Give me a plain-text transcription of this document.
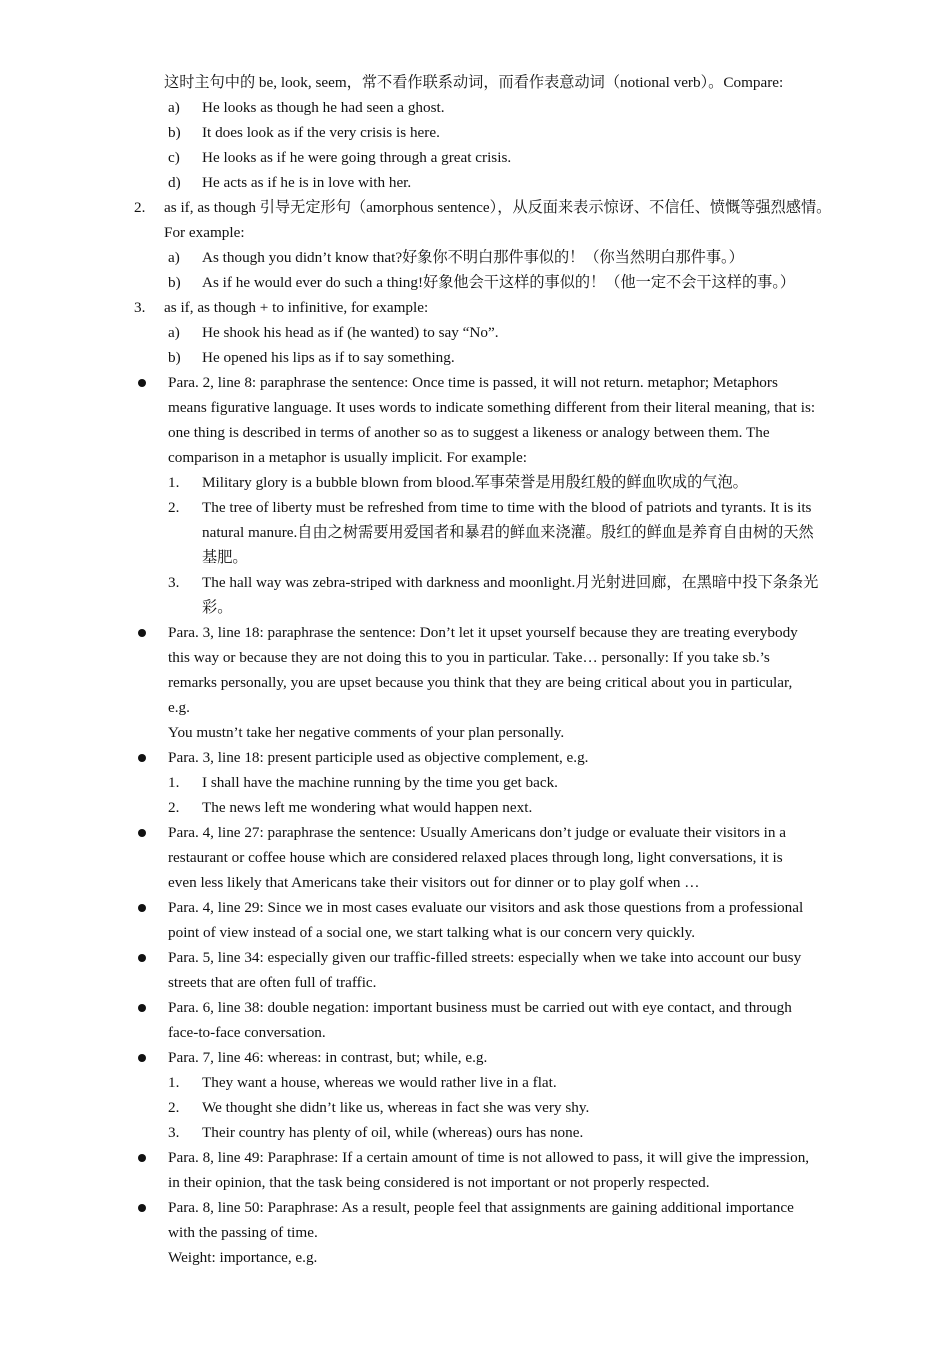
这时主句中的 be, look, seem，常不看作联系动词，而看作表意动词（notional verb）。Compare:
a) He looks as though he had seen a ghost.
b) It does look as if the very crisis is here.
c) He looks as if he were going through a great crisis.
d) He acts as if he is in love with her.
2. as if, as though 引导无定形句（amorphous sentence），从反面来表示惊讶、不信任、愤慨等强烈感情。
For example:
a) As though you didn’t know that?好象你不明白那件事似的！（你当然明白那件事。）
b) As if he would ever do such a thing!好象他会干这样的事似的！（他一定不会干这样的事。）
3. as if, as though + to infinitive, for example:
a) He shook his head as if (he wanted) to say “No”.
b) He opened his lips as if to say something.
Para. 2, line 8: paraphrase the sentence: Once time is passed, it will not return. metaphor; Metaphors
means figurative language. It uses words to indicate something different from their literal meaning, that is:
one thing is described in terms of another so as to suggest a likeness or analogy between them. The
comparison in a metaphor is usually implicit. For example:
1. Military glory is a bubble blown from blood.军事荣誉是用殷红般的鲜血吹成的气泡。
2. The tree of liberty must be refreshed from time to time with the blood of patriots and tyrants. It is its
natural manure.自由之树需要用爱国者和暴君的鲜血来浇灌。殷红的鲜血是养育自由树的天然
基肥。
3. The hall way was zebra-striped with darkness and moonlight.月光射进回廊，在黑暗中投下条条光
彩。
Para. 3, line 18: paraphrase the sentence: Don’t let it upset yourself because they are treating everybody
this way or because they are not doing this to you in particular. Take… personally: If you take sb.’s
remarks personally, you are upset because you think that they are being critical about you in particular,
e.g.
You mustn’t take her negative comments of your plan personally.
Para. 3, line 18: present participle used as objective complement, e.g.
1. I shall have the machine running by the time you get back.
2. The news left me wondering what would happen next.
Para. 4, line 27: paraphrase the sentence: Usually Americans don’t judge or evaluate their visitors in a
restaurant or coffee house which are considered relaxed places through long, light conversations, it is
even less likely that Americans take their visitors out for dinner or to play golf when …
Para. 4, line 29: Since we in most cases evaluate our visitors and ask those questions from a professional
point of view instead of a social one, we start talking what is our concern very quickly.
Para. 5, line 34: especially given our traffic-filled streets: especially when we take into account our busy
streets that are often full of traffic.
Para. 6, line 38: double negation: important business must be carried out with eye contact, and through
face-to-face conversation.
Para. 7, line 46: whereas: in contrast, but; while, e.g.
1. They want a house, whereas we would rather live in a flat.
2. We thought she didn’t like us, whereas in fact she was very shy.
3. Their country has plenty of oil, while (whereas) ours has none.
Para. 8, line 49: Paraphrase: If a certain amount of time is not allowed to pass, it will give the impression,
in their opinion, that the task being considered is not important or not properly respected.
Para. 8, line 50: Paraphrase: As a result, people feel that assignments are gaining additional importance
with the passing of time.
Weight: importance, e.g.
